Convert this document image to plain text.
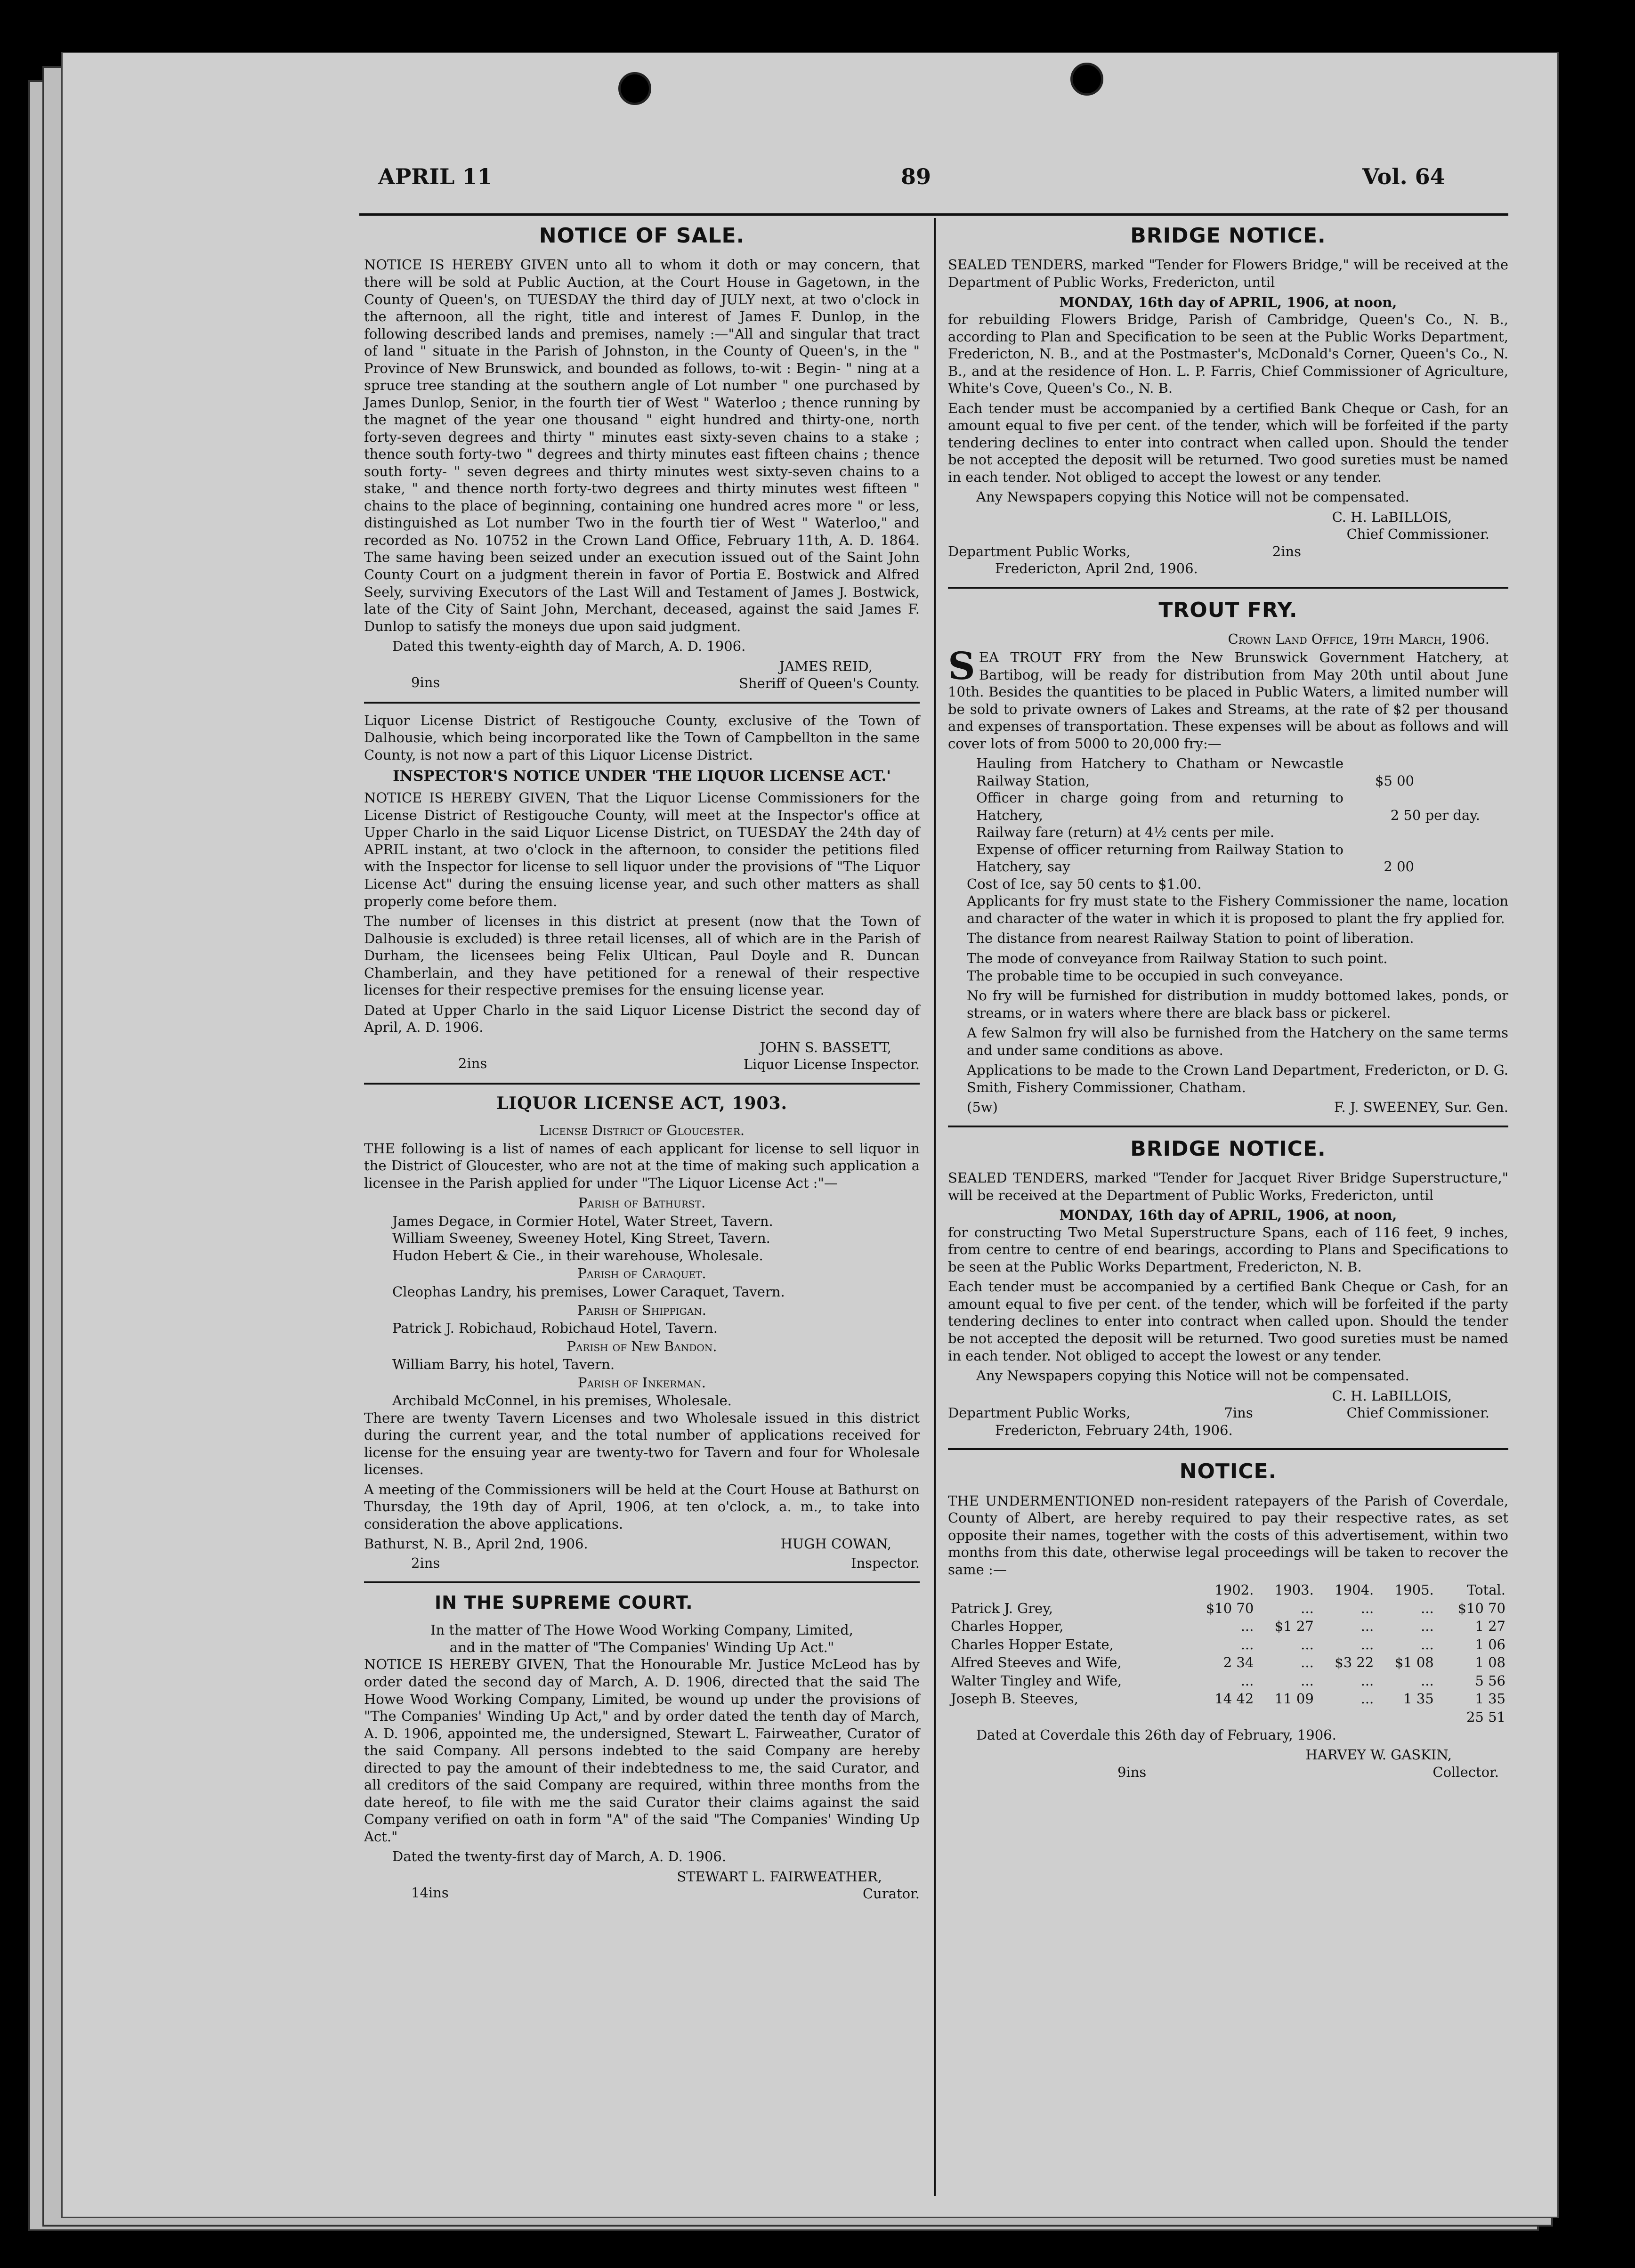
APRIL 11	89	Vol. 64
NOTICE OF SALE.

NOTICE IS HEREBY GIVEN unto all to whom it doth or may concern, that there will be sold at Public Auction, at the Court House in Gagetown, in the County of Queen's, on TUESDAY the third day of JULY next, at two o'clock in the afternoon, all the right, title and interest of James F. Dunlop, in the following described lands and premises, namely :—"All and singular that tract of land " situate in the Parish of Johnston, in the County of Queen's, in the " Province of New Brunswick, and bounded as follows, to-wit : Begin- " ning at a spruce tree standing at the southern angle of Lot number " one purchased by James Dunlop, Senior, in the fourth tier of West " Waterloo ; thence running by the magnet of the year one thousand " eight hundred and thirty-one, north forty-seven degrees and thirty " minutes east sixty-seven chains to a stake ; thence south forty-two " degrees and thirty minutes east fifteen chains ; thence south forty- " seven degrees and thirty minutes west sixty-seven chains to a stake, " and thence north forty-two degrees and thirty minutes west fifteen " chains to the place of beginning, containing one hundred acres more " or less, distinguished as Lot number Two in the fourth tier of West " Waterloo," and recorded as No. 10752 in the Crown Land Office, February 11th, A. D. 1864. The same having been seized under an execution issued out of the Saint John County Court on a judgment therein in favor of Portia E. Bostwick and Alfred Seely, surviving Executors of the Last Will and Testament of James J. Bostwick, late of the City of Saint John, Merchant, deceased, against the said James F. Dunlop to satisfy the moneys due upon said judgment.

Dated this twenty-eighth day of March, A. D. 1906.

9ins
JAMES REID,
Sheriff of Queen's County.

Liquor License District of Restigouche County, exclusive of the Town of Dalhousie, which being incorporated like the Town of Campbellton in the same County, is not now a part of this Liquor License District.

INSPECTOR'S NOTICE UNDER 'THE LIQUOR LICENSE ACT.'

NOTICE IS HEREBY GIVEN, That the Liquor License Commissioners for the License District of Restigouche County, will meet at the Inspector's office at Upper Charlo in the said Liquor License District, on TUESDAY the 24th day of APRIL instant, at two o'clock in the afternoon, to consider the petitions filed with the Inspector for license to sell liquor under the provisions of "The Liquor License Act" during the ensuing license year, and such other matters as shall properly come before them.

The number of licenses in this district at present (now that the Town of Dalhousie is excluded) is three retail licenses, all of which are in the Parish of Durham, the licensees being Felix Ultican, Paul Doyle and R. Duncan Chamberlain, and they have petitioned for a renewal of their respective licenses for their respective premises for the ensuing license year.

Dated at Upper Charlo in the said Liquor License District the second day of April, A. D. 1906.

2ins
JOHN S. BASSETT,
Liquor License Inspector.
LIQUOR LICENSE ACT, 1903.
License District of Gloucester.

THE following is a list of names of each applicant for license to sell liquor in the District of Gloucester, who are not at the time of making such application a licensee in the Parish applied for under "The Liquor License Act :"—

Parish of Bathurst.
James Degace, in Cormier Hotel, Water Street, Tavern.
William Sweeney, Sweeney Hotel, King Street, Tavern.
Hudon Hebert & Cie., in their warehouse, Wholesale.
Parish of Caraquet.
Cleophas Landry, his premises, Lower Caraquet, Tavern.
Parish of Shippigan.
Patrick J. Robichaud, Robichaud Hotel, Tavern.
Parish of New Bandon.
William Barry, his hotel, Tavern.
Parish of Inkerman.
Archibald McConnel, in his premises, Wholesale.

There are twenty Tavern Licenses and two Wholesale issued in this district during the current year, and the total number of applications received for license for the ensuing year are twenty-two for Tavern and four for Wholesale licenses.

A meeting of the Commissioners will be held at the Court House at Bathurst on Thursday, the 19th day of April, 1906, at ten o'clock, a. m., to take into consideration the above applications.

Bathurst, N. B., April 2nd, 1906.	HUGH COWAN,
2ins	Inspector.
IN THE SUPREME COURT.
In the matter of The Howe Wood Working Company, Limited,
and in the matter of "The Companies' Winding Up Act."

NOTICE IS HEREBY GIVEN, That the Honourable Mr. Justice McLeod has by order dated the second day of March, A. D. 1906, directed that the said The Howe Wood Working Company, Limited, be wound up under the provisions of "The Companies' Winding Up Act," and by order dated the tenth day of March, A. D. 1906, appointed me, the undersigned, Stewart L. Fairweather, Curator of the said Company. All persons indebted to the said Company are hereby directed to pay the amount of their indebtedness to me, the said Curator, and all creditors of the said Company are required, within three months from the date hereof, to file with me the said Curator their claims against the said Company verified on oath in form "A" of the said "The Companies' Winding Up Act."

Dated the twenty-first day of March, A. D. 1906.

14ins
STEWART L. FAIRWEATHER,
Curator.
BRIDGE NOTICE.

SEALED TENDERS, marked "Tender for Flowers Bridge," will be received at the Department of Public Works, Fredericton, until

MONDAY, 16th day of APRIL, 1906, at noon,

for rebuilding Flowers Bridge, Parish of Cambridge, Queen's Co., N. B., according to Plan and Specification to be seen at the Public Works Department, Fredericton, N. B., and at the Postmaster's, McDonald's Corner, Queen's Co., N. B., and at the residence of Hon. L. P. Farris, Chief Commissioner of Agriculture, White's Cove, Queen's Co., N. B.

Each tender must be accompanied by a certified Bank Cheque or Cash, for an amount equal to five per cent. of the tender, which will be forfeited if the party tendering declines to enter into contract when called upon. Should the tender be not accepted the deposit will be returned. Two good sureties must be named in each tender. Not obliged to accept the lowest or any tender.

Any Newspapers copying this Notice will not be compensated.

C. H. LaBILLOIS,
Chief Commissioner.
Department Public Works,	2ins
Fredericton, April 2nd, 1906.
TROUT FRY.
Crown Land Office, 19th March, 1906.

SEA TROUT FRY from the New Brunswick Government Hatchery, at Bartibog, will be ready for distribution from May 20th until about June 10th. Besides the quantities to be placed in Public Waters, a limited number will be sold to private owners of Lakes and Streams, at the rate of $2 per thousand and expenses of transportation. These expenses will be about as follows and will cover lots of from 5000 to 20,000 fry:—

Hauling from Hatchery to Chatham or Newcastle Railway Station,	$5 00
Officer in charge going from and returning to Hatchery,	2 50 per day.
Railway fare (return) at 4½ cents per mile.
Expense of officer returning from Railway Station to Hatchery, say	2 00
Cost of Ice, say 50 cents to $1.00.

Applicants for fry must state to the Fishery Commissioner the name, location and character of the water in which it is proposed to plant the fry applied for.

The distance from nearest Railway Station to point of liberation.

The mode of conveyance from Railway Station to such point.

The probable time to be occupied in such conveyance.

No fry will be furnished for distribution in muddy bottomed lakes, ponds, or streams, or in waters where there are black bass or pickerel.

A few Salmon fry will also be furnished from the Hatchery on the same terms and under same conditions as above.

Applications to be made to the Crown Land Department, Fredericton, or D. G. Smith, Fishery Commissioner, Chatham.

(5w)	F. J. SWEENEY, Sur. Gen.
BRIDGE NOTICE.

SEALED TENDERS, marked "Tender for Jacquet River Bridge Superstructure," will be received at the Department of Public Works, Fredericton, until

MONDAY, 16th day of APRIL, 1906, at noon,

for constructing Two Metal Superstructure Spans, each of 116 feet, 9 inches, from centre to centre of end bearings, according to Plans and Specifications to be seen at the Public Works Department, Fredericton, N. B.

Each tender must be accompanied by a certified Bank Cheque or Cash, for an amount equal to five per cent. of the tender, which will be forfeited if the party tendering declines to enter into contract when called upon. Should the tender be not accepted the deposit will be returned. Two good sureties must be named in each tender. Not obliged to accept the lowest or any tender.

Any Newspapers copying this Notice will not be compensated.

C. H. LaBILLOIS,
Department Public Works,	7ins	Chief Commissioner.
Fredericton, February 24th, 1906.
NOTICE.

THE UNDERMENTIONED non-resident ratepayers of the Parish of Coverdale, County of Albert, are hereby required to pay their respective rates, as set opposite their names, together with the costs of this advertisement, within two months from this date, otherwise legal proceedings will be taken to recover the same :—

	1902.	1903.	1904.	1905.	Total.
Patrick J. Grey,	$10 70	...	...	...	$10 70
Charles Hopper,	...	$1 27	...	...	1 27
Charles Hopper Estate,	...	...	...	...	1 06
Alfred Steeves and Wife,	2 34	...	$3 22	$1 08	1 08
Walter Tingley and Wife,	...	...	...	...	5 56
Joseph B. Steeves,	14 42	11 09	...	1 35	1 35
					25 51

Dated at Coverdale this 26th day of February, 1906.

HARVEY W. GASKIN,
9ins	Collector.
